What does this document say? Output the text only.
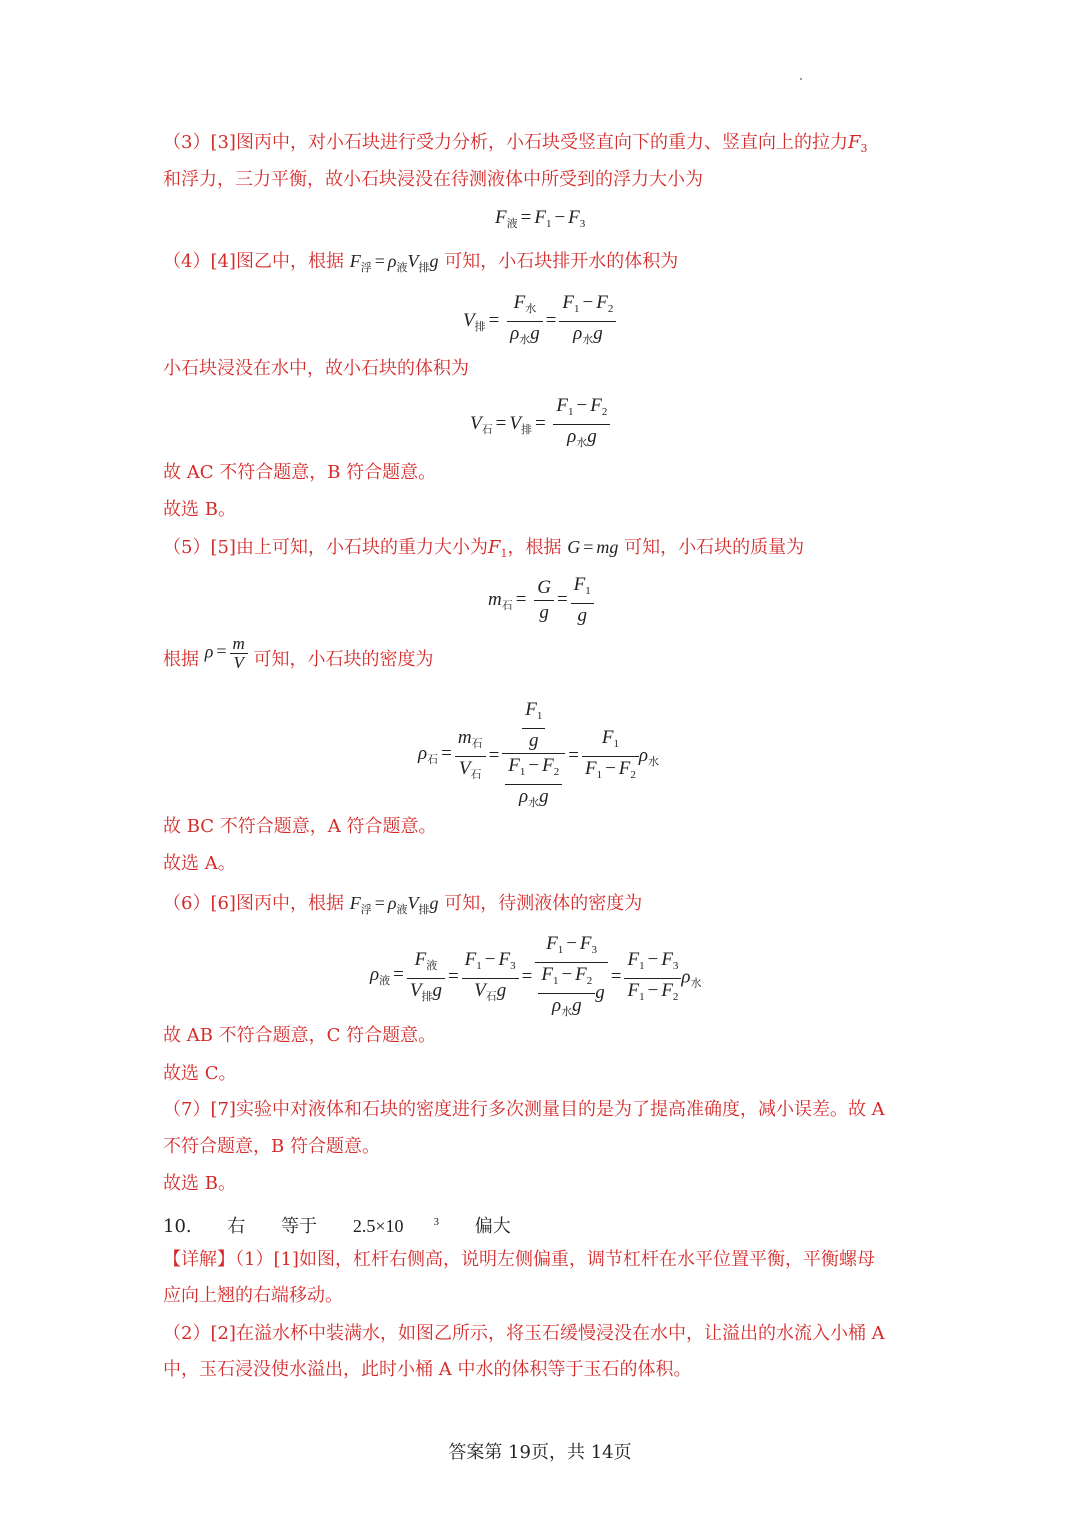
（3）[3]图丙中，对小石块进行受力分析，小石块受竖直向下的重力、竖直向上的拉力$F_3$
和浮力，三力平衡，故小石块浸没在待测液体中所受到的浮力大小为
$F_液 = F_1 - F_3$
（4）[4]图乙中，根据 $F_浮 = \rho_液V_排g$ 可知，小石块排开水的体积为
$V_排 = \frac{F_水}{\rho_水g} = \frac{F_1 - F_2}{\rho_水g}$
小石块浸没在水中，故小石块的体积为
$V_石 = V_排 = \frac{F_1 - F_2}{\rho_水g}$
故 AC 不符合题意，B 符合题意。
故选 B。
（5）[5]由上可知，小石块的重力大小为$F_1$，根据 G = mg 可知，小石块的质量为
$m_石 = \frac{G}{g} = \frac{F_1}{g}$
根据 $\rho = \frac{m}{V}$ 可知，小石块的密度为
$\rho_石 = \frac{m_石}{V_石} = \frac{\frac{F_1}{g}}{\frac{F_1 - F_2}{\rho_水g}} = \frac{F_1}{F_1 - F_2} \rho_水$
故 BC 不符合题意，A 符合题意。
故选 A。
（6）[6]图丙中，根据 $F_浮 = \rho_液V_排g$ 可知，待测液体的密度为
$\rho_液 = \frac{F_液}{V_排g} = \frac{F_1 - F_3}{V_石g} = \frac{F_1 - F_3}{\frac{F_1 - F_2}{\rho_水g} g} = \frac{F_1 - F_3}{F_1 - F_2} \rho_水$
故 AB 不符合题意，C 符合题意。
故选 C。
（7）[7]实验中对液体和石块的密度进行多次测量目的是为了提高准确度，减小误差。故 A
不符合题意，B 符合题意。
故选 B。
10. 右 等于 2.5×10	$^3$ 偏大
【详解】（1）[1]如图，杠杆右侧高，说明左侧偏重，调节杠杆在水平位置平衡，平衡螺母
应向上翘的右端移动。
（2）[2]在溢水杯中装满水，如图乙所示，将玉石缓慢浸没在水中，让溢出的水流入小桶 A
中，玉石浸没使水溢出，此时小桶 A 中水的体积等于玉石的体积。
答案第 19页，共 14页
